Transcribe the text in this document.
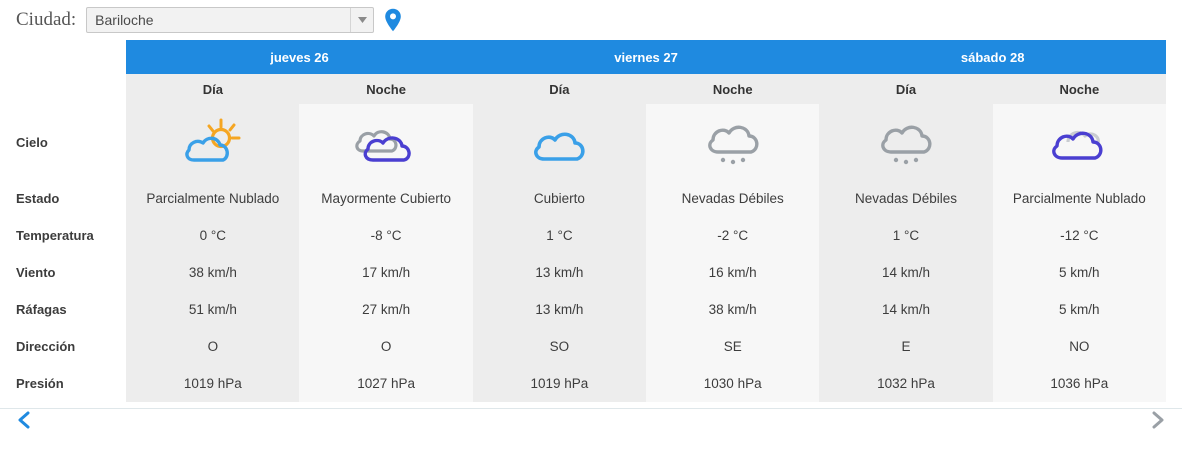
Ciudad:	Bariloche
	jueves 26		viernes 27		sábado 28	
	Día	Noche	Día	Noche	Día	Noche
Cielo						
Estado	Parcialmente Nublado	Mayormente Cubierto	Cubierto	Nevadas Débiles	Nevadas Débiles	Parcialmente Nublado
Temperatura	0 °C	-8 °C	1 °C	-2 °C	1 °C	-12 °C
Viento	38 km/h	17 km/h	13 km/h	16 km/h	14 km/h	5 km/h
Ráfagas	51 km/h	27 km/h	13 km/h	38 km/h	14 km/h	5 km/h
Dirección	O	O	SO	SE	E	NO
Presión	1019 hPa	1027 hPa	1019 hPa	1030 hPa	1032 hPa	1036 hPa
